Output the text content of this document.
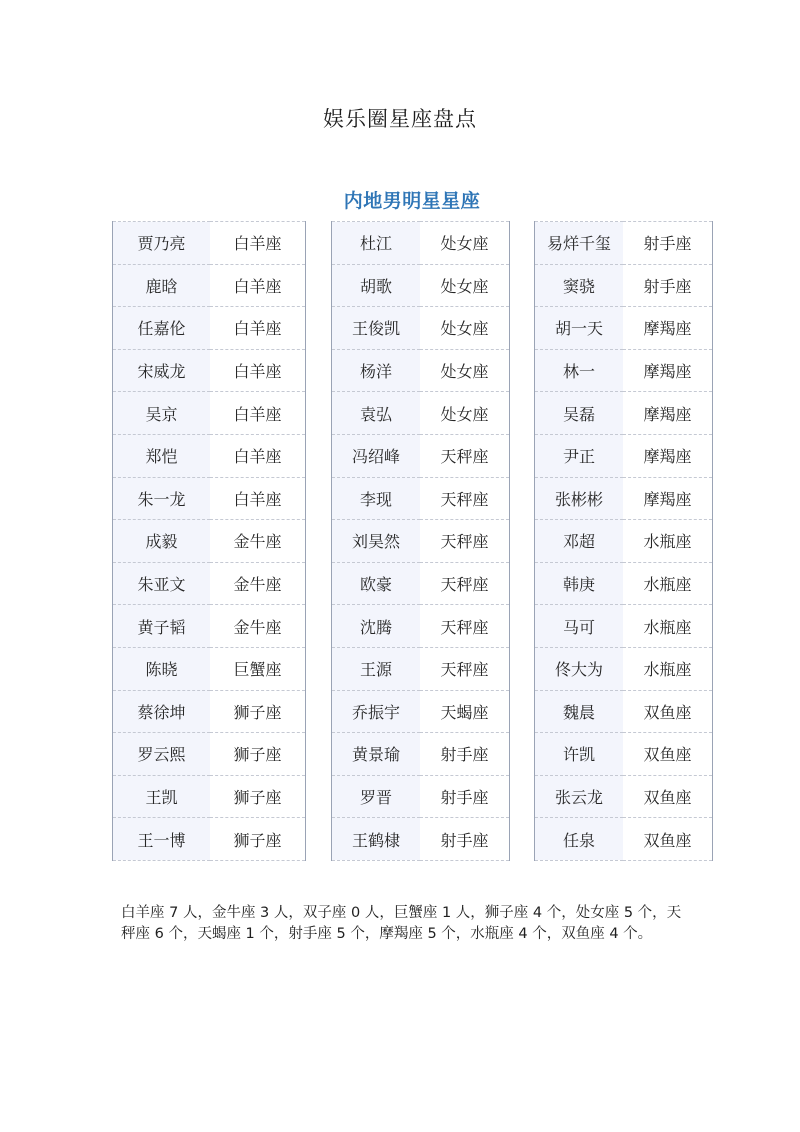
娱乐圈星座盘点
内地男明星星座
贾乃亮	白羊座
鹿晗	白羊座
任嘉伦	白羊座
宋威龙	白羊座
吴京	白羊座
郑恺	白羊座
朱一龙	白羊座
成毅	金牛座
朱亚文	金牛座
黄子韬	金牛座
陈晓	巨蟹座
蔡徐坤	狮子座
罗云熙	狮子座
王凯	狮子座
王一博	狮子座
杜江	处女座
胡歌	处女座
王俊凯	处女座
杨洋	处女座
袁弘	处女座
冯绍峰	天秤座
李现	天秤座
刘昊然	天秤座
欧豪	天秤座
沈腾	天秤座
王源	天秤座
乔振宇	天蝎座
黄景瑜	射手座
罗晋	射手座
王鹤棣	射手座
易烊千玺	射手座
窦骁	射手座
胡一天	摩羯座
林一	摩羯座
吴磊	摩羯座
尹正	摩羯座
张彬彬	摩羯座
邓超	水瓶座
韩庚	水瓶座
马可	水瓶座
佟大为	水瓶座
魏晨	双鱼座
许凯	双鱼座
张云龙	双鱼座
任泉	双鱼座
白羊座 7 人，金牛座 3 人，双子座 0 人，巨蟹座 1 人，狮子座 4 个，处女座 5 个，天秤座 6 个，天蝎座 1 个，射手座 5 个，摩羯座 5 个，水瓶座 4 个，双鱼座 4 个。
